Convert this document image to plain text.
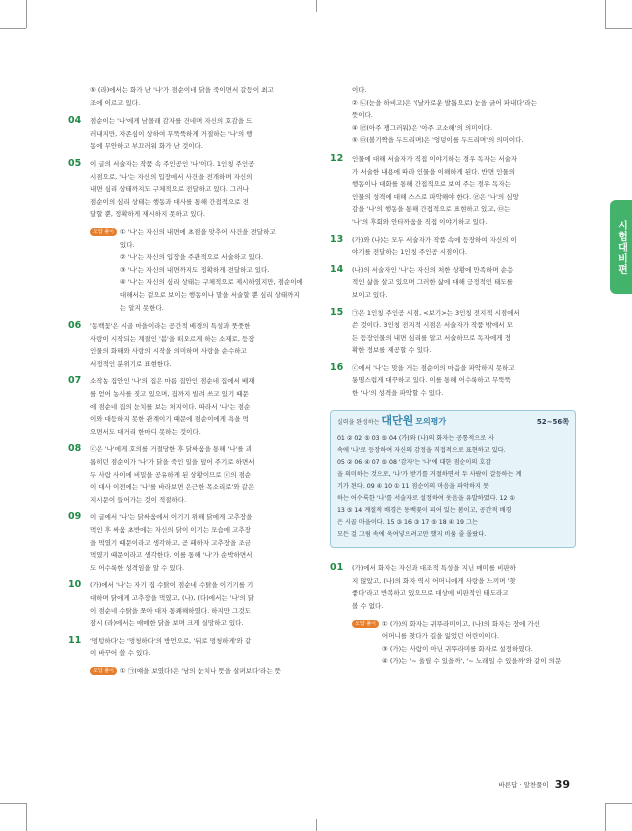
시험대비편
⑤ (라)에서는 화가 난 '나'가 점순이네 닭을 죽이면서 갈등이 최고
조에 이르고 있다.
04	점순이는 '나'에게 남몰래 감자를 건네며 자신의 호감을 드
러내지만, 자존심이 상하여 무뚝뚝하게 거절하는 '나'의 행
동에 무안하고 부끄러워 화가 난 것이다.
05	이 글의 서술자는 작품 속 주인공인 '나'이다. 1인칭 주인공
시점으로, '나'는 자신의 입장에서 사건을 전개하며 자신의
내면 심리 상태까지도 구체적으로 전달하고 있다. 그러나
점순이의 심리 상태는 행동과 대사를 통해 간접적으로 전
달할 뿐, 정확하게 제시하지 못하고 있다.
오답 풀이 ① '나'는 자신의 내면에 초점을 맞추어 사건을 전달하고
있다.
② '나'는 자신의 입장을 주관적으로 서술하고 있다.
③ '나'는 자신의 내면까지도 정확하게 전달하고 있다.
④ '나'는 자신의 심리 상태는 구체적으로 제시하였지만, 점순이에
대해서는 겉으로 보이는 행동이나 말을 서술할 뿐 심리 상태까지
는 알지 못한다.
06	'동백꽃'은 시골 마을이라는 공간적 배경의 특성과 풋풋한
사랑이 시작되는 계절인 '봄'을 떠오르게 하는 소재로, 등장
인물의 화해와 사랑의 시작을 의미하며 사랑을 순수하고
서정적인 분위기로 표현한다.
07	소작농 집안인 '나'의 집은 마름 집안인 점순네 집에서 배재
를 얻어 농사를 짓고 있으며, 집까지 빌려 쓰고 있기 때문
에 점순네 집의 눈치를 보는 처지이다. 따라서 '나'는 점순
이와 대등하지 못한 관계이기 때문에 점순이에게 욕을 먹
으면서도 대거리 한마디 못하는 것이다.
08	ⓒ은 '나'에게 호의를 거절당한 후 닭싸움을 통해 '나'를 괴
롭히던 점순이가 '나'가 닭을 죽인 일을 덮어 주기로 하면서
두 사람 사이에 비밀을 공유하게 된 상황이므로 ⓒ의 점순
이 대사 이전에는 '나'를 바라보면 은근한 목소리로'와 같은
지시문이 들어가는 것이 적절하다.
09	이 글에서 '나'는 닭싸움에서 이기기 위해 닭에게 고추장을
먹인 후 싸움 초반에는 자신의 닭이 이기는 모습에 고추장
을 먹였기 때문이라고 생각하고, 곧 패하자 고추장을 조금
먹였기 때문이라고 생각한다. 이를 통해 '나'가 순박하면서
도 어수룩한 성격임을 알 수 있다.
10	(가)에서 '나'는 자기 집 수탉이 점순네 수탉을 이기기를 기
대하며 닭에게 고추장을 먹였고, (나), (다)에서는 '나'의 닭
이 점순네 수탉을 쪼아 대자 통쾌해하였다. 하지만 그것도
잠시 (라)에서는 애매한 닭을 보며 크게 실망하고 있다.
11	'멍텅하다'는 '멍청하다'의 방언으로, '뒤로 멍청하게'와 같
이 바꾸어 쓸 수 있다.
오답 풀이 ① ㉠(얘을 보였다)은 '남의 눈치나 뜻을 살펴보다'라는 뜻
이다.
② ㉡(눈을 하비고)은 '(날카로운 발톱으로) 눈을 긁어 파내다'라는
뜻이다.
④ ㉣(아주 쟁그러워)은 '아주 고소해'의 의미이다.
⑤ ㉤(볼기짝을 두드리며)은 '엉덩이를 두드리며'의 의미이다.
12	인물에 대해 서술자가 직접 이야기하는 경우 독자는 서술자
가 서술한 내용에 따라 인물을 이해하게 된다. 반면 인물의
행동이나 대화를 통해 간접적으로 보여 주는 경우 독자는
인물의 성격에 대해 스스로 파악해야 한다. ㉣은 '나'의 심망
감을 '나'의 행동을 통해 간접적으로 표현하고 있고, ㉤는
'나'의 후회와 안타까움을 직접 이야기하고 있다.
13	(가)와 (나)는 모두 서술자가 작품 속에 등장하여 자신의 이
야기를 전달하는 1인칭 주인공 시점이다.
14	(나)의 서술자인 '나'는 자신의 처한 상황에 만족하며 순응
적인 삶을 살고 있으며 그러한 삶에 대해 긍정적인 태도를
보이고 있다.
15	㉠은 1인칭 주인공 시점, <보기>는 3인칭 전지적 시점에서
쓴 것이다. 3인칭 전지적 시점은 서술자가 작품 밖에서 모
든 등장인물의 내면 심리를 알고 서술하므로 독자에게 정
확한 정보를 제공할 수 있다.
16	ⓒ에서 '나'는 맞을 거는 점순이의 마음을 파악하지 못하고
퉁명스럽게 대꾸하고 있다. 이를 통해 어수룩하고 무뚝뚝
한 '나'의 성격을 파악할 수 있다.
실력을 완성하는 대단원 모의평가	52~56쪽
01 ② 02 ⑤ 03 ⑤ 04 (가)와 (나)의 화자는 공통적으로 사
속에 '나'로 등장하여 자신의 감정을 직접적으로 표현하고 있다.
05 ② 06 ④ 07 ⑤ 08 '감자'는 '나'에 대한 점순이의 호감
을 의미하는 것으로, '나'가 받기를 거절하면서 두 사람이 갈등하는 계
기가 된다. 09 ④ 10 ① 11 점순이의 마음을 파악하지 못
하는 어수룩한 '나'를 서술자로 설정하여 웃음을 유발하였다. 12 ①
13 ⑤ 14 계절적 배경은 동백꽃이 피어 있는 봄이고, 공간적 배경
은 시골 마을이다. 15 ③ 16 ③ 17 ⑤ 18 ④ 19 그는
모든 걸 그림 속에 욱여넣으려고만 했지 비움 줄 몰랐다.
01	(가)에서 화자는 자신과 대조적 특성을 지닌 매미를 비판하
지 않았고, (나)의 화자 역시 어머니에게 사랑을 느끼며 '찾
좋다'라고 반복하고 있으므로 대상에 비판적인 태도라고
볼 수 없다.
오답 풀이 ① (가)의 화자는 귀뚜라미이고, (나)의 화자는 장에 가신
어머니를 찾다가 길을 잃었던 어린이이다.
③ (가)는 사람이 아닌 귀뚜라미를 화자로 설정하였다.
④ (가)는 '~ 울릴 수 있을까', '~ 노래일 수 있을까'와 같이 의문
바른답 · 알찬풀이 39
